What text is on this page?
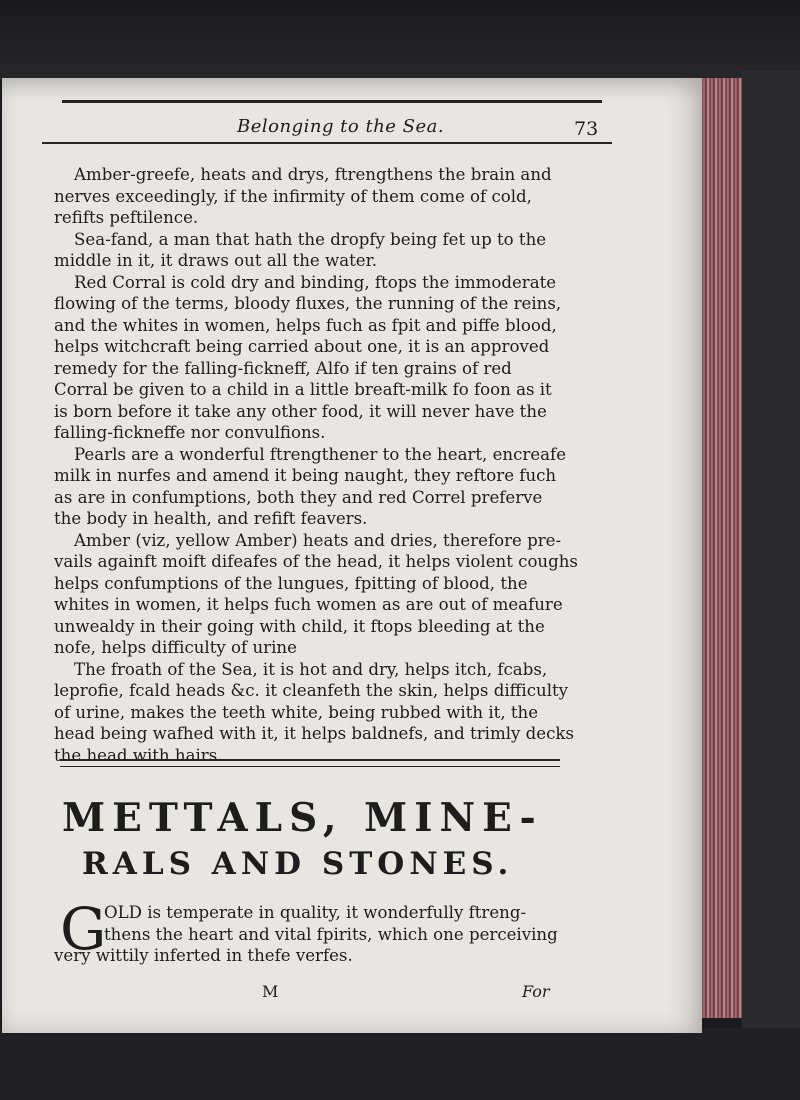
Belonging to the Sea.	73

Amber-greefe, heats and drys, ftrengthens the brain and
nerves exceedingly, if the infirmity of them come of cold,
refifts peftilence.

Sea-fand, a man that hath the dropfy being fet up to the
middle in it, it draws out all the water.

Red Corral is cold dry and binding, ftops the immoderate
flowing of the terms, bloody fluxes, the running of the reins,
and the whites in women, helps fuch as fpit and piffe blood,
helps witchcraft being carried about one, it is an approved
remedy for the falling-fickneff, Alfo if ten grains of red
Corral be given to a child in a little breaft-milk fo foon as it
is born before it take any other food, it will never have the
falling-fickneffe nor convulfions.

Pearls are a wonderful ftrengthener to the heart, encreafe
milk in nurfes and amend it being naught, they reftore fuch
as are in confumptions, both they and red Correl preferve
the body in health, and refift feavers.

Amber (viz, yellow Amber) heats and dries, therefore pre-
vails againft moift difeafes of the head, it helps violent coughs
helps confumptions of the lungues, fpitting of blood, the
whites in women, it helps fuch women as are out of meafure
unwealdy in their going with child, it ftops bleeding at the
nofe, helps difficulty of urine

The froath of the Sea, it is hot and dry, helps itch, fcabs,
leprofie, fcald heads &c. it cleanfeth the skin, helps difficulty
of urine, makes the teeth white, being rubbed with it, the
head being wafhed with it, it helps baldnefs, and trimly decks
the head with hairs.

METTALS, MINE-
RALS AND STONES.
G

OLD is temperate in quality, it wonderfully ftreng-
thens the heart and vital fpirits, which one perceiving
very wittily inferted in thefe verfes.

M	For
